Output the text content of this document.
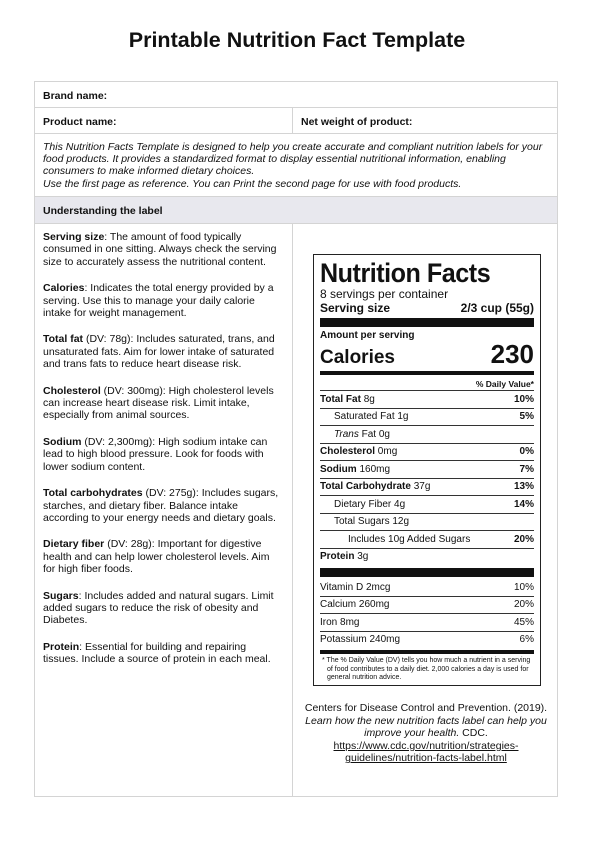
Printable Nutrition Fact Template
Brand name:
Product name:	Net weight of product:

This Nutrition Facts Template is designed to help you create accurate and compliant nutrition labels for your food products. It provides a standardized format to display essential nutritional information, enabling consumers to make informed dietary choices.

Use the first page as reference. You can Print the second page for use with food products.

Understanding the label

Serving size: The amount of food typically consumed in one sitting. Always check the serving size to accurately assess the nutritional content.

Calories: Indicates the total energy provided by a serving. Use this to manage your daily calorie intake for weight management.

Total fat (DV: 78g): Includes saturated, trans, and unsaturated fats. Aim for lower intake of saturated and trans fats to reduce heart disease risk.

Cholesterol (DV: 300mg): High cholesterol levels can increase heart disease risk. Limit intake, especially from animal sources.

Sodium (DV: 2,300mg): High sodium intake can lead to high blood pressure. Look for foods with lower sodium content.

Total carbohydrates (DV: 275g): Includes sugars, starches, and dietary fiber. Balance intake according to your energy needs and dietary goals.

Dietary fiber (DV: 28g): Important for digestive health and can help lower cholesterol levels. Aim for high fiber foods.

Sugars: Includes added and natural sugars. Limit added sugars to reduce the risk of obesity and Diabetes.

Protein: Essential for building and repairing tissues. Include a source of protein in each meal.

Nutrition Facts
8 servings per container
Serving size	2/3 cup (55g)
Amount per serving
Calories	230
% Daily Value*
Total Fat 8g	10%
Saturated Fat 1g	5%
Trans Fat 0g
Cholesterol 0mg	0%
Sodium 160mg	7%
Total Carbohydrate 37g	13%
Dietary Fiber 4g	14%
Total Sugars 12g
Includes 10g Added Sugars	20%
Protein 3g
Vitamin D 2mcg	10%
Calcium 260mg	20%
Iron 8mg	45%
Potassium 240mg	6%
* The % Daily Value (DV) tells you how much a nutrient in a serving of food contributes to a daily diet. 2,000 calories a day is used for general nutrition advice.
Centers for Disease Control and Prevention. (2019). Learn how the new nutrition facts label can help you improve your health. CDC.
https://www.cdc.gov/nutrition/strategies-guidelines/nutrition-facts-label.html
